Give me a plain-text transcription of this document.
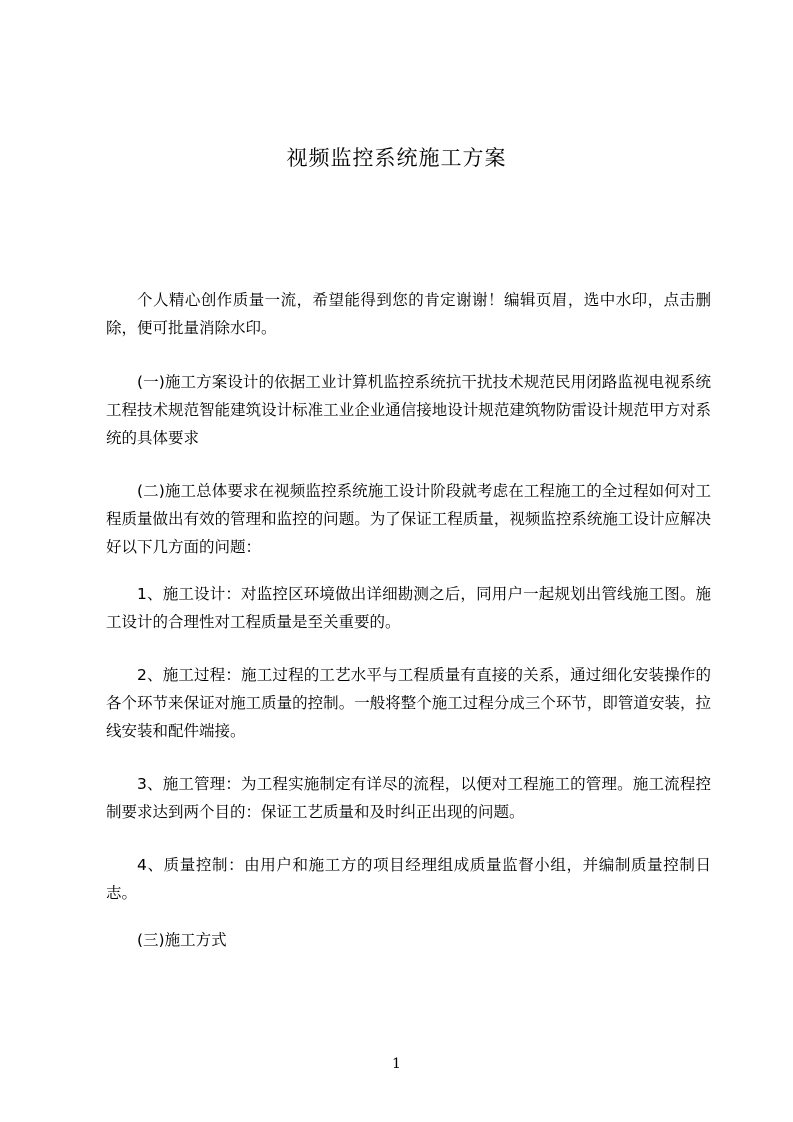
视频监控系统施工方案

个人精心创作质量一流，希望能得到您的肯定谢谢！编辑页眉，选中水印，点击删除，便可批量消除水印。

(一)施工方案设计的依据工业计算机监控系统抗干扰技术规范民用闭路监视电视系统工程技术规范智能建筑设计标准工业企业通信接地设计规范建筑物防雷设计规范甲方对系统的具体要求

(二)施工总体要求在视频监控系统施工设计阶段就考虑在工程施工的全过程如何对工程质量做出有效的管理和监控的问题。为了保证工程质量，视频监控系统施工设计应解决好以下几方面的问题：

1、施工设计：对监控区环境做出详细勘测之后，同用户一起规划出管线施工图。施工设计的合理性对工程质量是至关重要的。

2、施工过程：施工过程的工艺水平与工程质量有直接的关系，通过细化安装操作的各个环节来保证对施工质量的控制。一般将整个施工过程分成三个环节，即管道安装，拉线安装和配件端接。

3、施工管理：为工程实施制定有详尽的流程，以便对工程施工的管理。施工流程控制要求达到两个目的：保证工艺质量和及时纠正出现的问题。

4、质量控制：由用户和施工方的项目经理组成质量监督小组，并编制质量控制日志。

(三)施工方式

1
